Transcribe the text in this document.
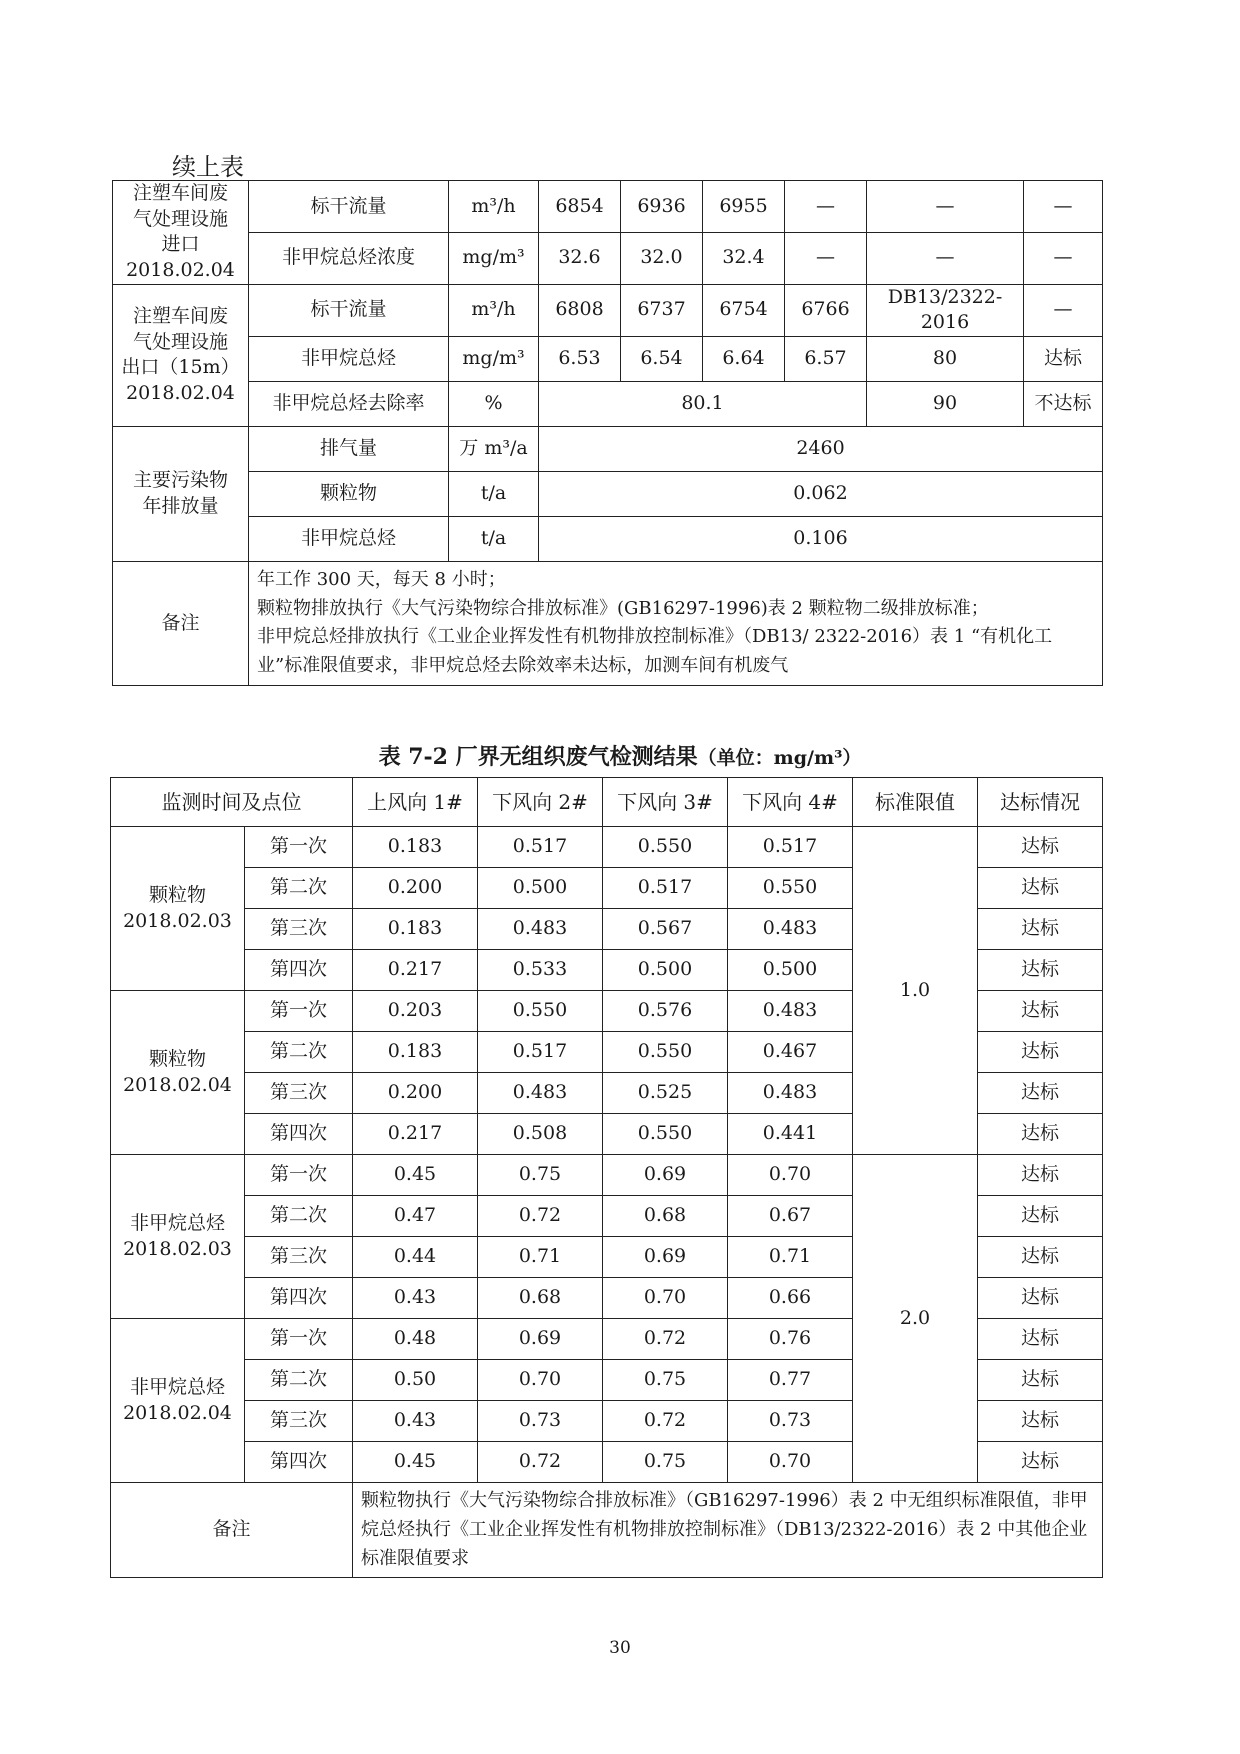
续上表
注塑车间废
气处理设施
进口
2018.02.04	标干流量	m³/h	6854	6936	6955	—	—	—
	非甲烷总烃浓度	mg/m³	32.6	32.0	32.4	—	—	—
注塑车间废
气处理设施
出口（15m）
2018.02.04	标干流量	m³/h	6808	6737	6754	6766	DB13/2322-2016	—
	非甲烷总烃	mg/m³	6.53	6.54	6.64	6.57	80	达标
	非甲烷总烃去除率	%	80.1				90	不达标
主要污染物
年排放量	排气量	万 m³/a	2460					
	颗粒物	t/a	0.062					
	非甲烷总烃	t/a	0.106					
备注	年工作 300 天，每天 8 小时；
颗粒物排放执行《大气污染物综合排放标准》(GB16297-1996)表 2 颗粒物二级排放标准；
非甲烷总烃排放执行《工业企业挥发性有机物排放控制标准》（DB13/ 2322-2016）表 1 “有机化工业”标准限值要求，非甲烷总烃去除效率未达标，加测车间有机废气							
表 7-2 厂界无组织废气检测结果（单位：mg/m³）
监测时间及点位		上风向 1#	下风向 2#	下风向 3#	下风向 4#	标准限值	达标情况
颗粒物
2018.02.03	第一次	0.183	0.517	0.550	0.517	1.0	达标
	第二次	0.200	0.500	0.517	0.550		达标
	第三次	0.183	0.483	0.567	0.483		达标
	第四次	0.217	0.533	0.500	0.500		达标
颗粒物
2018.02.04	第一次	0.203	0.550	0.576	0.483		达标
	第二次	0.183	0.517	0.550	0.467		达标
	第三次	0.200	0.483	0.525	0.483		达标
	第四次	0.217	0.508	0.550	0.441		达标
非甲烷总烃
2018.02.03	第一次	0.45	0.75	0.69	0.70	2.0	达标
	第二次	0.47	0.72	0.68	0.67		达标
	第三次	0.44	0.71	0.69	0.71		达标
	第四次	0.43	0.68	0.70	0.66		达标
非甲烷总烃
2018.02.04	第一次	0.48	0.69	0.72	0.76		达标
	第二次	0.50	0.70	0.75	0.77		达标
	第三次	0.43	0.73	0.72	0.73		达标
	第四次	0.45	0.72	0.75	0.70		达标
备注		颗粒物执行《大气污染物综合排放标准》（GB16297-1996）表 2 中无组织标准限值，非甲烷总烃执行《工业企业挥发性有机物排放控制标准》（DB13/2322-2016）表 2 中其他企业标准限值要求					
30
